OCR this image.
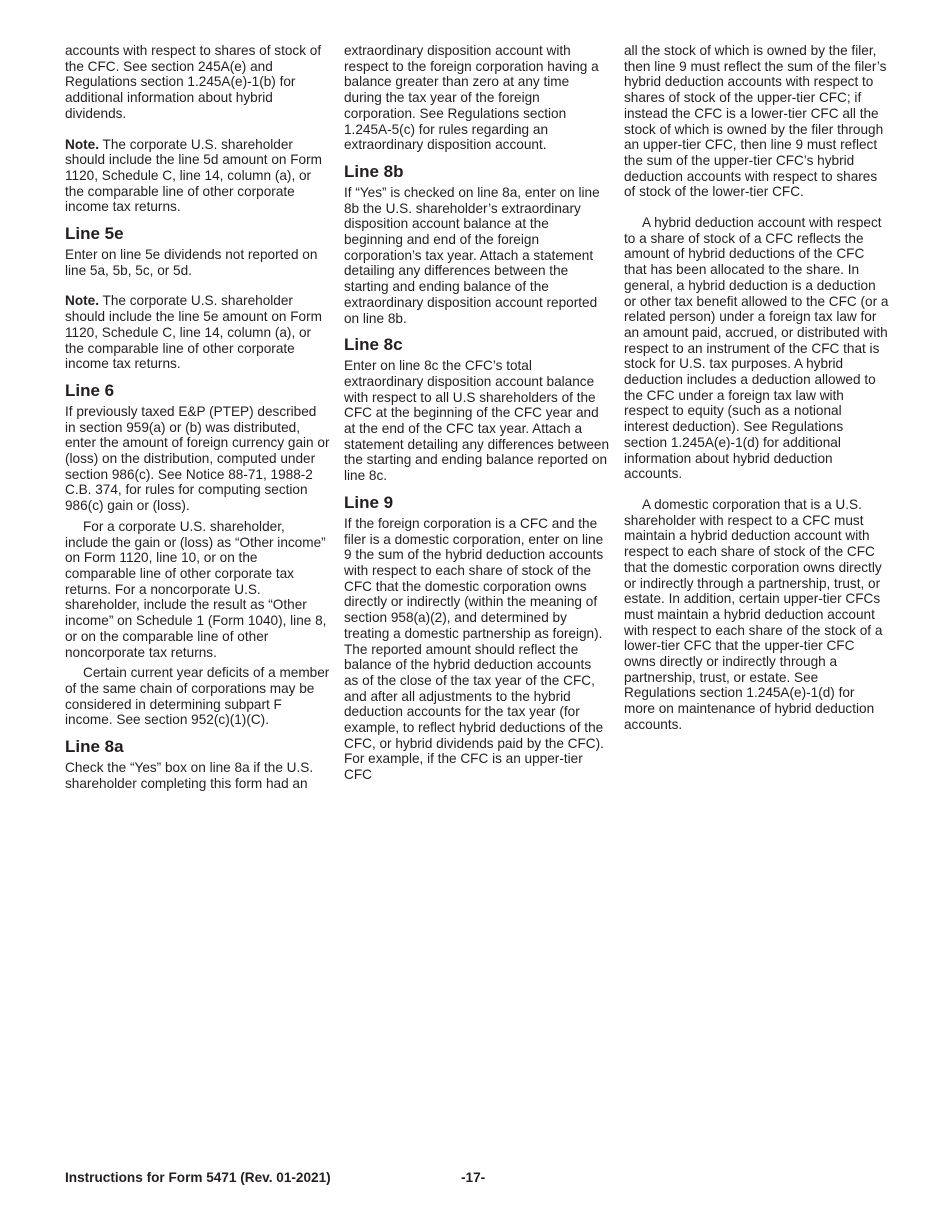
accounts with respect to shares of stock of the CFC. See section 245A(e) and Regulations section 1.245A(e)-1(b) for additional information about hybrid dividends.

Note. The corporate U.S. shareholder should include the line 5d amount on Form 1120, Schedule C, line 14, column (a), or the comparable line of other corporate income tax returns.

Line 5e

Enter on line 5e dividends not reported on line 5a, 5b, 5c, or 5d.

Note. The corporate U.S. shareholder should include the line 5e amount on Form 1120, Schedule C, line 14, column (a), or the comparable line of other corporate income tax returns.

Line 6

If previously taxed E&P (PTEP) described in section 959(a) or (b) was distributed, enter the amount of foreign currency gain or (loss) on the distribution, computed under section 986(c). See Notice 88-71, 1988-2 C.B. 374, for rules for computing section 986(c) gain or (loss).

For a corporate U.S. shareholder, include the gain or (loss) as “Other income” on Form 1120, line 10, or on the comparable line of other corporate tax returns. For a noncorporate U.S. shareholder, include the result as “Other income” on Schedule 1 (Form 1040), line 8, or on the comparable line of other noncorporate tax returns.

Certain current year deficits of a member of the same chain of corporations may be considered in determining subpart F income. See section 952(c)(1)(C).

Line 8a

Check the “Yes” box on line 8a if the U.S. shareholder completing this form had an

extraordinary disposition account with respect to the foreign corporation having a balance greater than zero at any time during the tax year of the foreign corporation. See Regulations section 1.245A-5(c) for rules regarding an extraordinary disposition account.

Line 8b

If “Yes” is checked on line 8a, enter on line 8b the U.S. shareholder’s extraordinary disposition account balance at the beginning and end of the foreign corporation’s tax year. Attach a statement detailing any differences between the starting and ending balance of the extraordinary disposition account reported on line 8b.

Line 8c

Enter on line 8c the CFC’s total extraordinary disposition account balance with respect to all U.S shareholders of the CFC at the beginning of the CFC year and at the end of the CFC tax year. Attach a statement detailing any differences between the starting and ending balance reported on line 8c.

Line 9

If the foreign corporation is a CFC and the filer is a domestic corporation, enter on line 9 the sum of the hybrid deduction accounts with respect to each share of stock of the CFC that the domestic corporation owns directly or indirectly (within the meaning of section 958(a)(2), and determined by treating a domestic partnership as foreign). The reported amount should reflect the balance of the hybrid deduction accounts as of the close of the tax year of the CFC, and after all adjustments to the hybrid deduction accounts for the tax year (for example, to reflect hybrid deductions of the CFC, or hybrid dividends paid by the CFC). For example, if the CFC is an upper-tier CFC

all the stock of which is owned by the filer, then line 9 must reflect the sum of the filer’s hybrid deduction accounts with respect to shares of stock of the upper-tier CFC; if instead the CFC is a lower-tier CFC all the stock of which is owned by the filer through an upper-tier CFC, then line 9 must reflect the sum of the upper-tier CFC’s hybrid deduction accounts with respect to shares of stock of the lower-tier CFC.

A hybrid deduction account with respect to a share of stock of a CFC reflects the amount of hybrid deductions of the CFC that has been allocated to the share. In general, a hybrid deduction is a deduction or other tax benefit allowed to the CFC (or a related person) under a foreign tax law for an amount paid, accrued, or distributed with respect to an instrument of the CFC that is stock for U.S. tax purposes. A hybrid deduction includes a deduction allowed to the CFC under a foreign tax law with respect to equity (such as a notional interest deduction). See Regulations section 1.245A(e)-1(d) for additional information about hybrid deduction accounts.

A domestic corporation that is a U.S. shareholder with respect to a CFC must maintain a hybrid deduction account with respect to each share of stock of the CFC that the domestic corporation owns directly or indirectly through a partnership, trust, or estate. In addition, certain upper-tier CFCs must maintain a hybrid deduction account with respect to each share of the stock of a lower-tier CFC that the upper-tier CFC owns directly or indirectly through a partnership, trust, or estate. See Regulations section 1.245A(e)-1(d) for more on maintenance of hybrid deduction accounts.

Instructions for Form 5471 (Rev. 01-2021)	-17-
